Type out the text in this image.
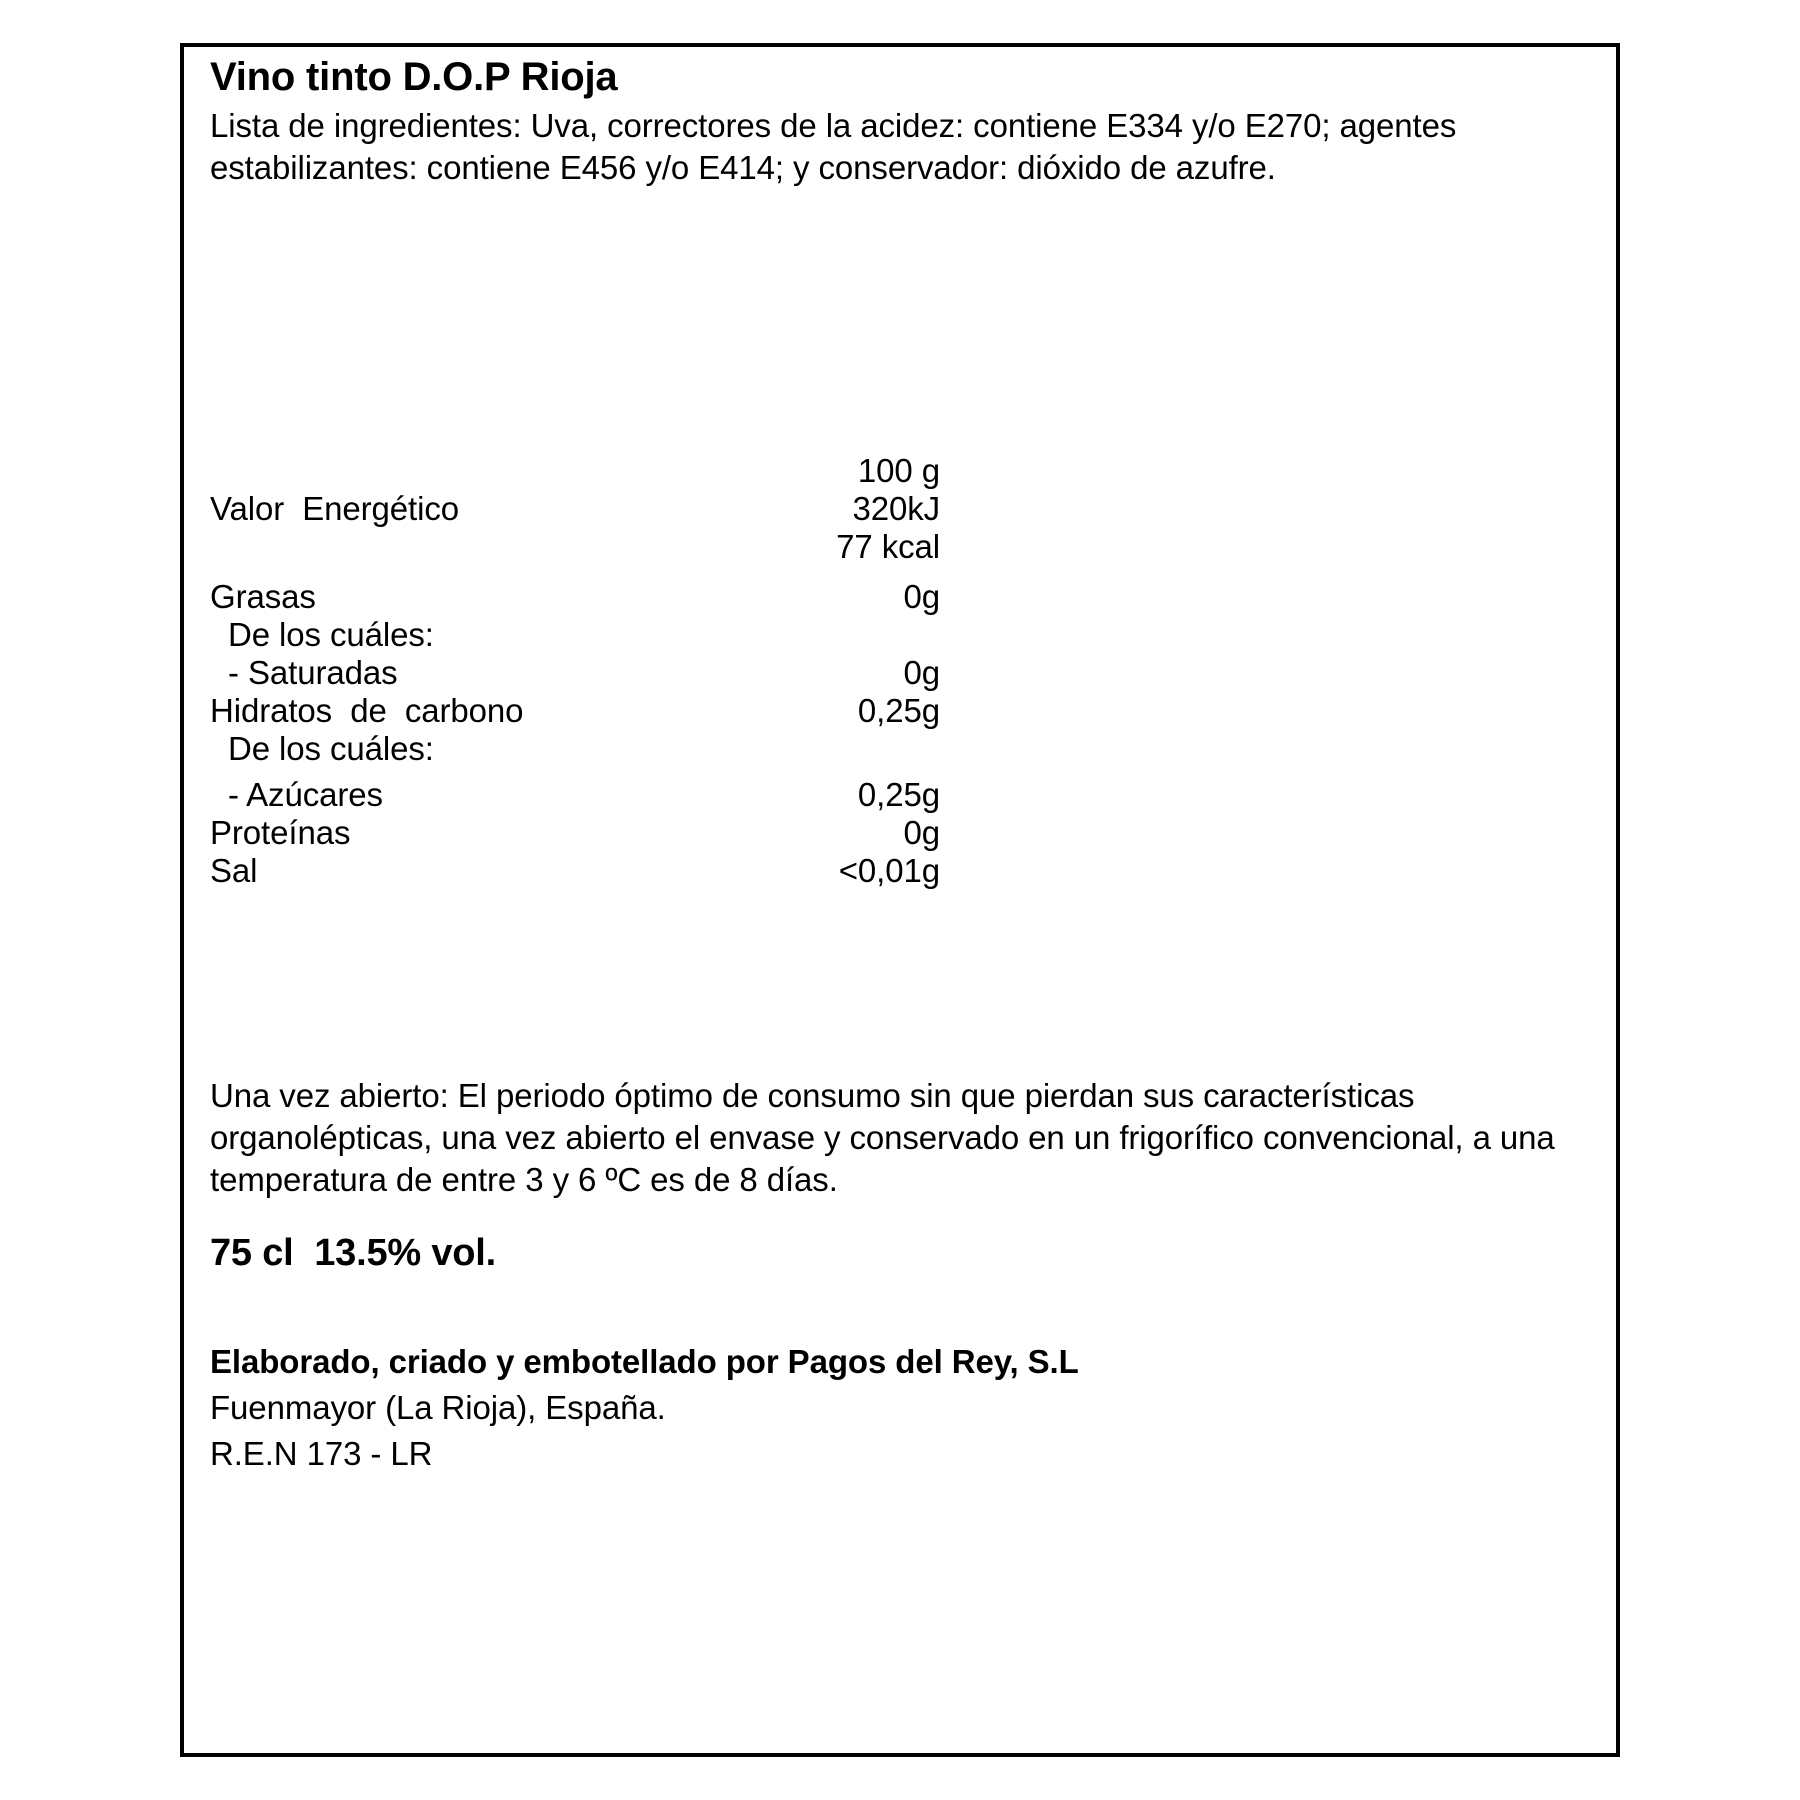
Vino tinto D.O.P Rioja
Lista de ingredientes: Uva, correctores de la acidez: contiene E334 y/o E270; agentes estabilizantes: contiene E456 y/o E414; y conservador: dióxido de azufre.
100 g
Valor  Energético	320kJ
77 kcal
Grasas	0g
De los cuáles:
- Saturadas	0g
Hidratos  de  carbono	0,25g
De los cuáles:
- Azúcares	0,25g
Proteínas	0g
Sal	<0,01g
Una vez abierto: El periodo óptimo de consumo sin que pierdan sus características organolépticas, una vez abierto el envase y conservado en un frigorífico convencional, a una temperatura de entre 3 y 6 ºC es de 8 días.
75 cl  13.5% vol.
Elaborado, criado y embotellado por Pagos del Rey, S.L
Fuenmayor (La Rioja), España.
R.E.N 173 - LR
